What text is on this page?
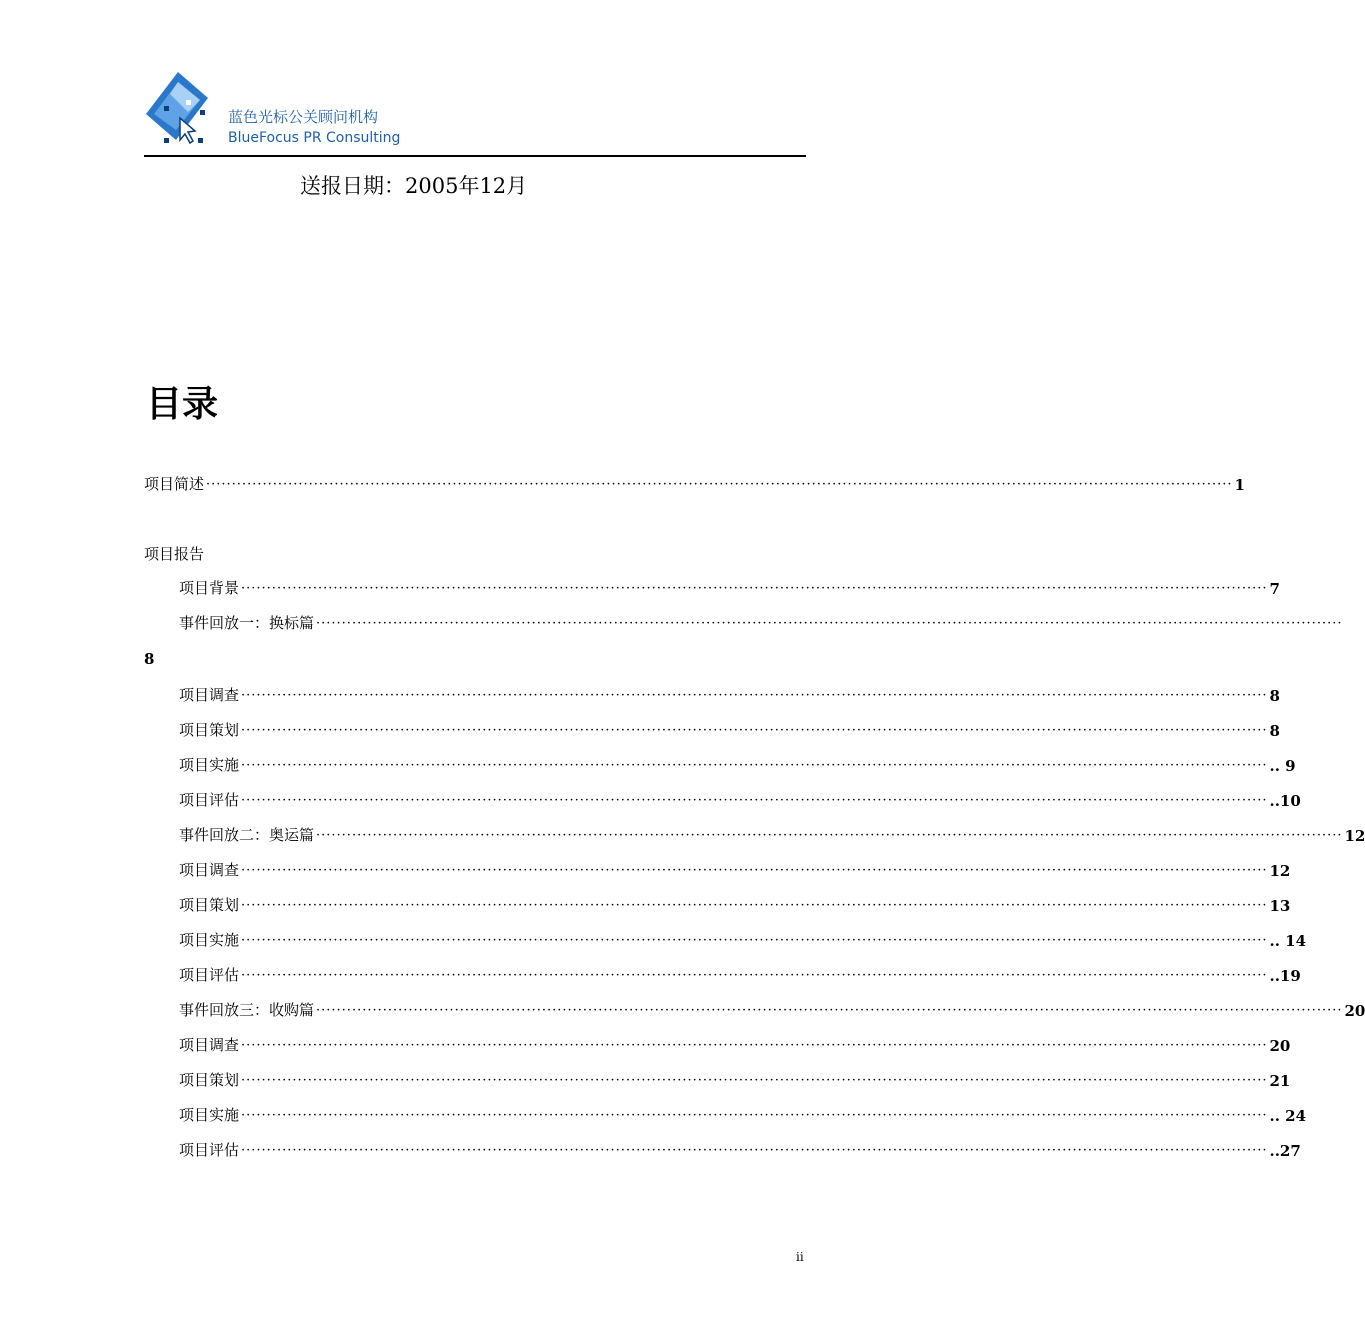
蓝色光标公关顾问机构
BlueFocus PR Consulting
送报日期：2005年12月
目录
项目简述 ········································································································································································································ 1
项目报告
项目背景 ········································································································································································································ 7
事件回放一：换标篇 ········································································································································································································
8
项目调查 ········································································································································································································ 8
项目策划 ········································································································································································································ 8
项目实施 ········································································································································································································ .. 9
项目评估 ········································································································································································································ ..10
事件回放二：奥运篇 ········································································································································································································ 12
项目调查 ········································································································································································································ 12
项目策划 ········································································································································································································ 13
项目实施 ········································································································································································································ .. 14
项目评估 ········································································································································································································ ..19
事件回放三：收购篇 ········································································································································································································ 20
项目调查 ········································································································································································································ 20
项目策划 ········································································································································································································ 21
项目实施 ········································································································································································································ .. 24
项目评估 ········································································································································································································ ..27
ii
